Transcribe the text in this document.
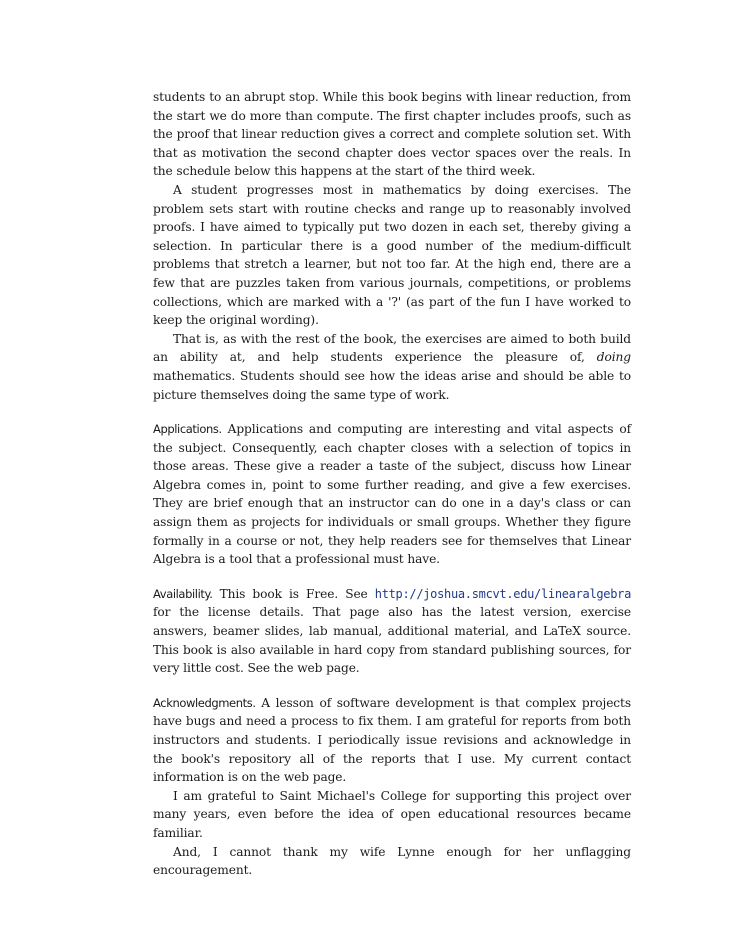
students to an abrupt stop. While this book begins with linear reduction, from the start we do more than compute. The first chapter includes proofs, such as the proof that linear reduction gives a correct and complete solution set. With that as motivation the second chapter does vector spaces over the reals. In the schedule below this happens at the start of the third week.

A student progresses most in mathematics by doing exercises. The problem sets start with routine checks and range up to reasonably involved proofs. I have aimed to typically put two dozen in each set, thereby giving a selection. In particular there is a good number of the medium-difficult problems that stretch a learner, but not too far. At the high end, there are a few that are puzzles taken from various journals, competitions, or problems collections, which are marked with a '?' (as part of the fun I have worked to keep the original wording).

That is, as with the rest of the book, the exercises are aimed to both build an ability at, and help students experience the pleasure of, doing mathematics. Students should see how the ideas arise and should be able to picture themselves doing the same type of work.

Applications. Applications and computing are interesting and vital aspects of the subject. Consequently, each chapter closes with a selection of topics in those areas. These give a reader a taste of the subject, discuss how Linear Algebra comes in, point to some further reading, and give a few exercises. They are brief enough that an instructor can do one in a day's class or can assign them as projects for individuals or small groups. Whether they figure formally in a course or not, they help readers see for themselves that Linear Algebra is a tool that a professional must have.

Availability. This book is Free. See http://joshua.smcvt.edu/linearalgebra for the license details. That page also has the latest version, exercise answers, beamer slides, lab manual, additional material, and LaTeX source. This book is also available in hard copy from standard publishing sources, for very little cost. See the web page.

Acknowledgments. A lesson of software development is that complex projects have bugs and need a process to fix them. I am grateful for reports from both instructors and students. I periodically issue revisions and acknowledge in the book's repository all of the reports that I use. My current contact information is on the web page.

I am grateful to Saint Michael's College for supporting this project over many years, even before the idea of open educational resources became familiar.

And, I cannot thank my wife Lynne enough for her unflagging encouragement.
